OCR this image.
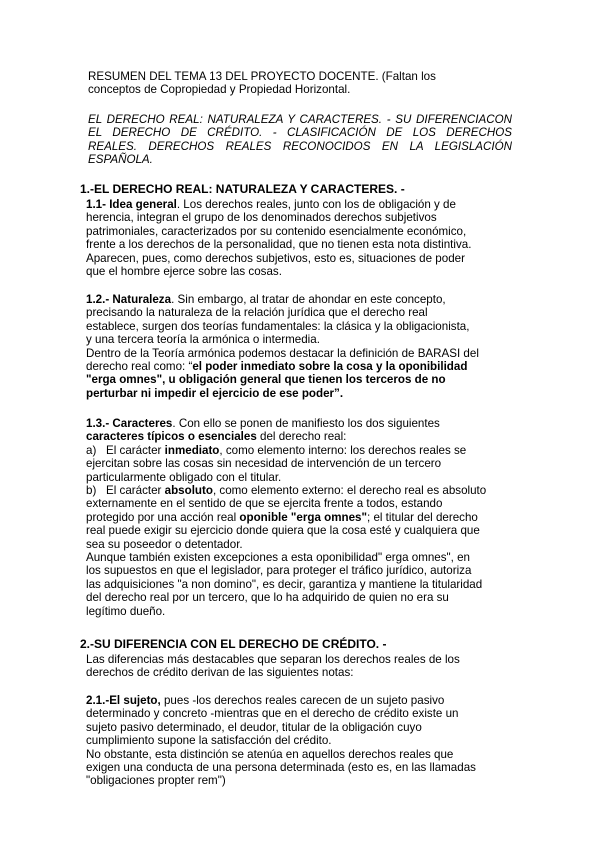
RESUMEN DEL TEMA 13 DEL PROYECTO DOCENTE. (Faltan los

conceptos de Copropiedad y Propiedad Horizontal.

EL DERECHO REAL: NATURALEZA Y CARACTERES. - SU DIFERENCIACON

EL DERECHO DE CRÉDITO. - CLASIFICACIÓN DE LOS DERECHOS

REALES. DERECHOS REALES RECONOCIDOS EN LA LEGISLACIÓN

ESPAÑOLA.

1.-EL DERECHO REAL: NATURALEZA Y CARACTERES. -

1.1- Idea general. Los derechos reales, junto con los de obligación y de

herencia, integran el grupo de los denominados derechos subjetivos

patrimoniales, caracterizados por su contenido esencialmente económico,

frente a los derechos de la personalidad, que no tienen esta nota distintiva.

Aparecen, pues, como derechos subjetivos, esto es, situaciones de poder

que el hombre ejerce sobre las cosas.

1.2.- Naturaleza. Sin embargo, al tratar de ahondar en este concepto,

precisando la naturaleza de la relación jurídica que el derecho real

establece, surgen dos teorías fundamentales: la clásica y la obligacionista,

y una tercera teoría la armónica o intermedia.

Dentro de la Teoría armónica podemos destacar la definición de BARASI del

derecho real como: “el poder inmediato sobre la cosa y la oponibilidad

"erga omnes", u obligación general que tienen los terceros de no

perturbar ni impedir el ejercicio de ese poder”.

1.3.- Caracteres. Con ello se ponen de manifiesto los dos siguientes

caracteres típicos o esenciales del derecho real:

a) El carácter inmediato, como elemento interno: los derechos reales se

ejercitan sobre las cosas sin necesidad de intervención de un tercero

particularmente obligado con el titular.

b) El carácter absoluto, como elemento externo: el derecho real es absoluto

externamente en el sentido de que se ejercita frente a todos, estando

protegido por una acción real oponible "erga omnes"; el titular del derecho

real puede exigir su ejercicio donde quiera que la cosa esté y cualquiera que

sea su poseedor o detentador.

Aunque también existen excepciones a esta oponibilidad" erga omnes", en

los supuestos en que el legislador, para proteger el tráfico jurídico, autoriza

las adquisiciones "a non domino", es decir, garantiza y mantiene la titularidad

del derecho real por un tercero, que lo ha adquirido de quien no era su

legítimo dueño.

2.-SU DIFERENCIA CON EL DERECHO DE CRÉDITO. -

Las diferencias más destacables que separan los derechos reales de los

derechos de crédito derivan de las siguientes notas:

2.1.-El sujeto, pues -los derechos reales carecen de un sujeto pasivo

determinado y concreto -mientras que en el derecho de crédito existe un

sujeto pasivo determinado, el deudor, titular de la obligación cuyo

cumplimiento supone la satisfacción del crédito.

No obstante, esta distinción se atenúa en aquellos derechos reales que

exigen una conducta de una persona determinada (esto es, en las llamadas

"obligaciones propter rem")
